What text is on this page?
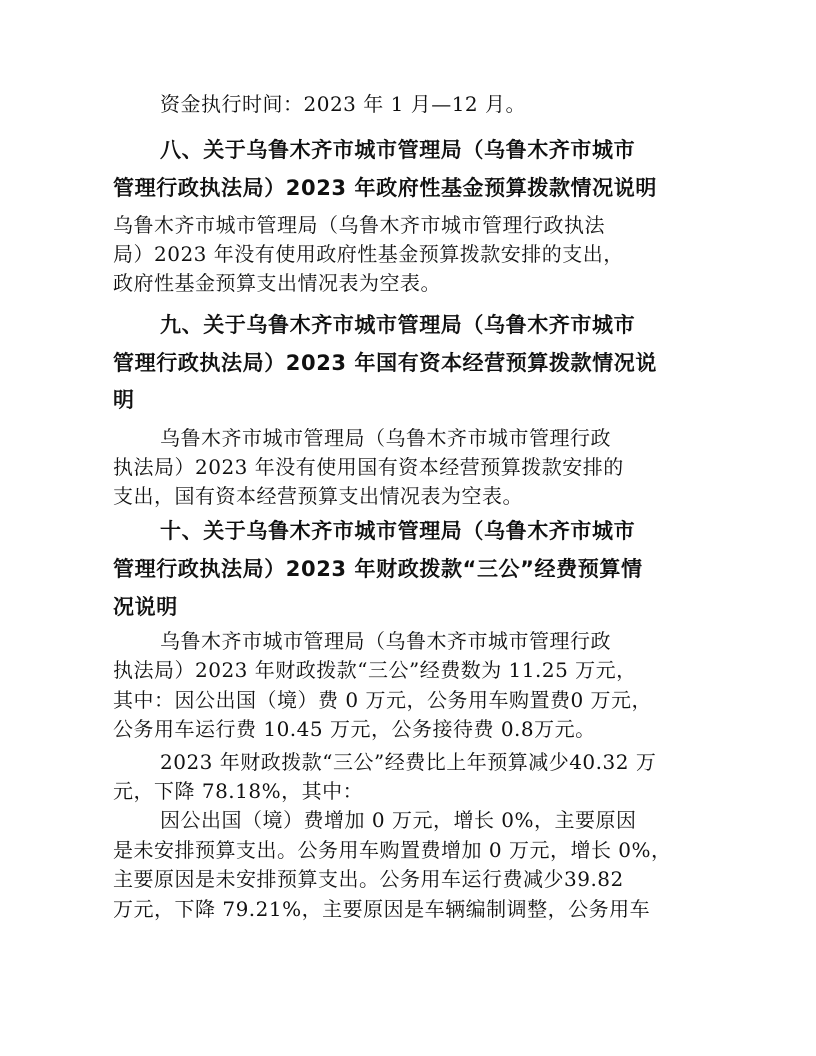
资金执行时间：2023 年 1 月—12 月。
八、关于乌鲁木齐市城市管理局（乌鲁木齐市城市
管理行政执法局）2023 年政府性基金预算拨款情况说明
乌鲁木齐市城市管理局（乌鲁木齐市城市管理行政执法
局）2023 年没有使用政府性基金预算拨款安排的支出，
政府性基金预算支出情况表为空表。
九、关于乌鲁木齐市城市管理局（乌鲁木齐市城市
管理行政执法局）2023 年国有资本经营预算拨款情况说
明
乌鲁木齐市城市管理局（乌鲁木齐市城市管理行政
执法局）2023 年没有使用国有资本经营预算拨款安排的
支出，国有资本经营预算支出情况表为空表。
十、关于乌鲁木齐市城市管理局（乌鲁木齐市城市
管理行政执法局）2023 年财政拨款“三公”经费预算情
况说明
乌鲁木齐市城市管理局（乌鲁木齐市城市管理行政
执法局）2023 年财政拨款“三公”经费数为 11.25 万元，
其中：因公出国（境）费 0 万元，公务用车购置费0 万元，
公务用车运行费 10.45 万元，公务接待费 0.8万元。
2023 年财政拨款“三公”经费比上年预算减少40.32 万
元，下降 78.18%，其中：
因公出国（境）费增加 0 万元，增长 0%，主要原因
是未安排预算支出。公务用车购置费增加 0 万元，增长 0%，
主要原因是未安排预算支出。公务用车运行费减少39.82
万元，下降 79.21%，主要原因是车辆编制调整，公务用车
